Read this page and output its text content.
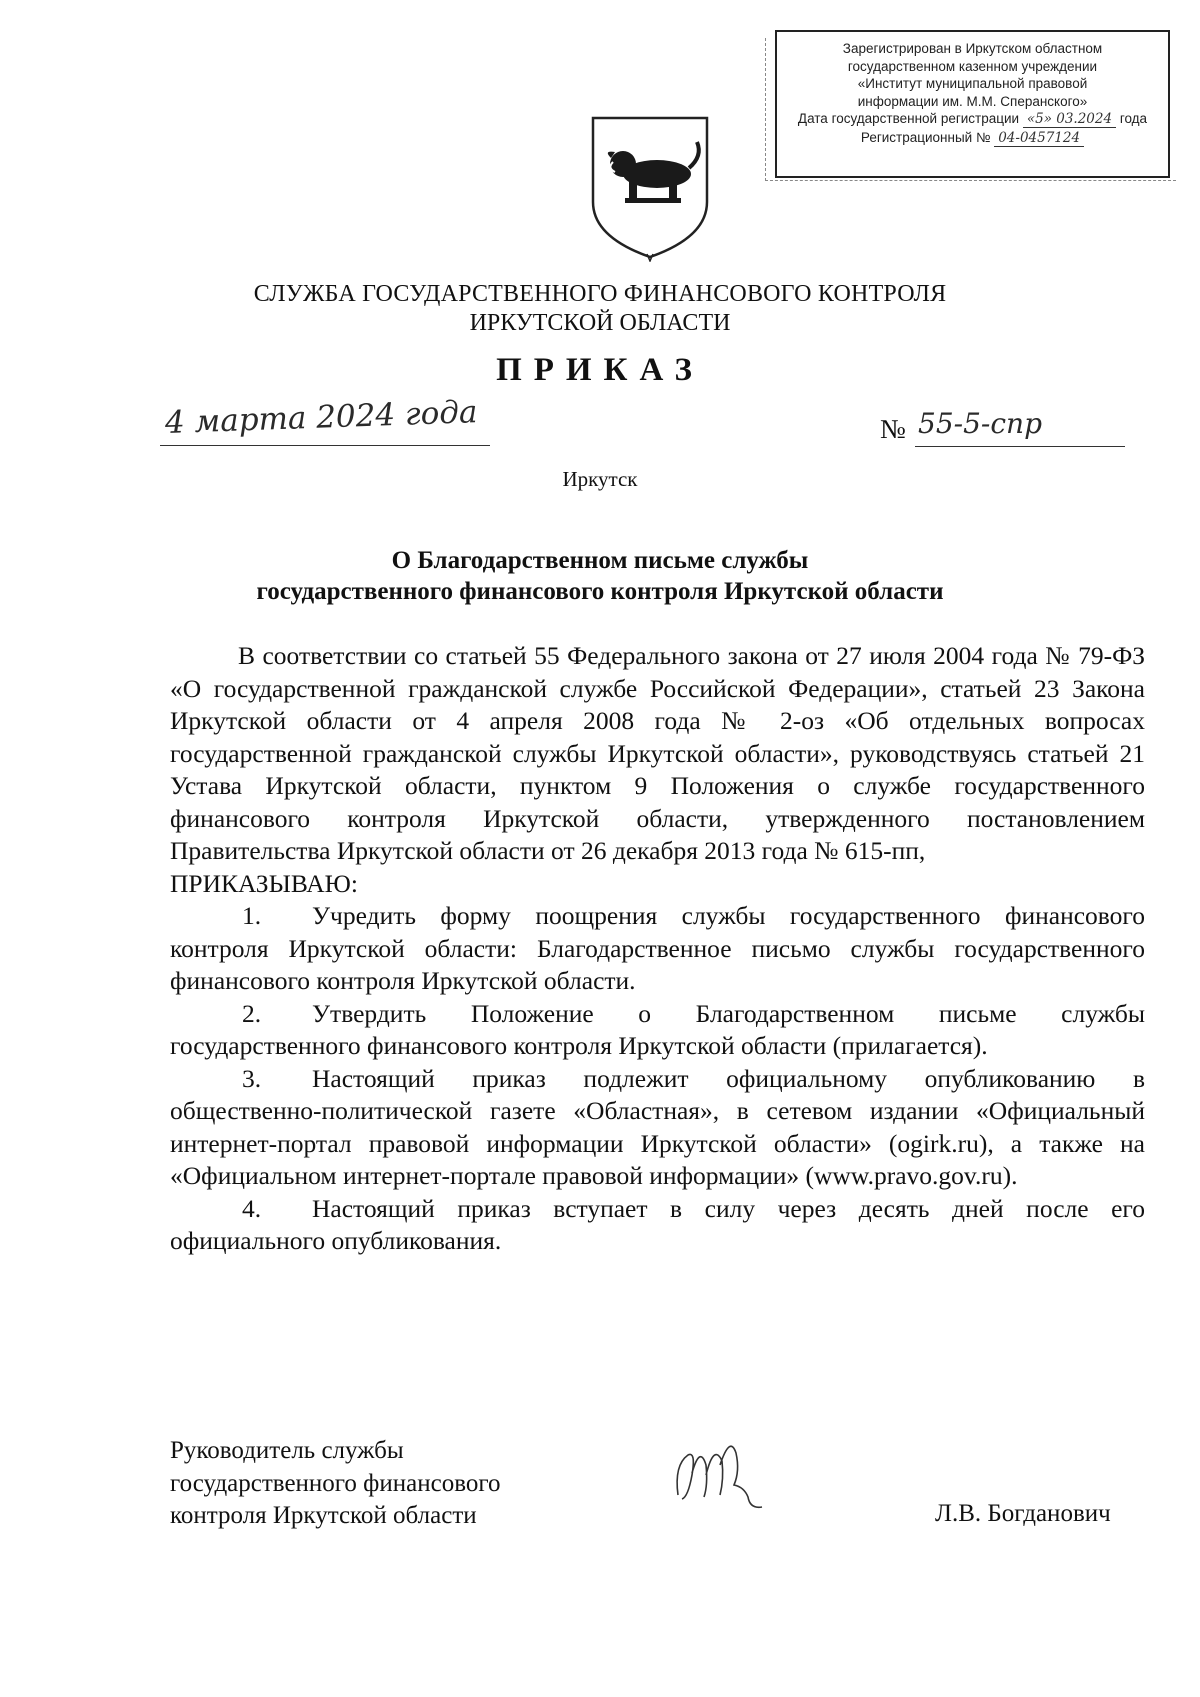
Зарегистрирован в Иркутском областном
государственном казенном учреждении
«Институт муниципальной правовой
информации им. М.М. Сперанского»
Дата государственной регистрации «5» 03.2024 года
Регистрационный № 04-0457124
СЛУЖБА ГОСУДАРСТВЕННОГО ФИНАНСОВОГО КОНТРОЛЯ
ИРКУТСКОЙ ОБЛАСТИ
ПРИКАЗ
4 марта 2024 года	№ 55-5-спр
Иркутск
О Благодарственном письме службы
государственного финансового контроля Иркутской области

В соответствии со статьей 55 Федерального закона от 27 июля 2004 года № 79-ФЗ «О государственной гражданской службе Российской Федерации», статьей 23 Закона Иркутской области от 4 апреля 2008 года № 2-оз «Об отдельных вопросах государственной гражданской службы Иркутской области», руководствуясь статьей 21 Устава Иркутской области, пунктом 9 Положения о службе государственного финансового контроля Иркутской области, утвержденного постановлением Правительства Иркутской области от 26 декабря 2013 года № 615-пп,

ПРИКАЗЫВАЮ:

1. Учредить форму поощрения службы государственного финансового контроля Иркутской области: Благодарственное письмо службы государственного финансового контроля Иркутской области.

2. Утвердить Положение о Благодарственном письме службы государственного финансового контроля Иркутской области (прилагается).

3. Настоящий приказ подлежит официальному опубликованию в общественно-политической газете «Областная», в сетевом издании «Официальный интернет-портал правовой информации Иркутской области» (ogirk.ru), а также на «Официальном интернет-портале правовой информации» (www.pravo.gov.ru).

4. Настоящий приказ вступает в силу через десять дней после его официального опубликования.

Руководитель службы
государственного финансового
контроля Иркутской области	Л.В. Богданович
